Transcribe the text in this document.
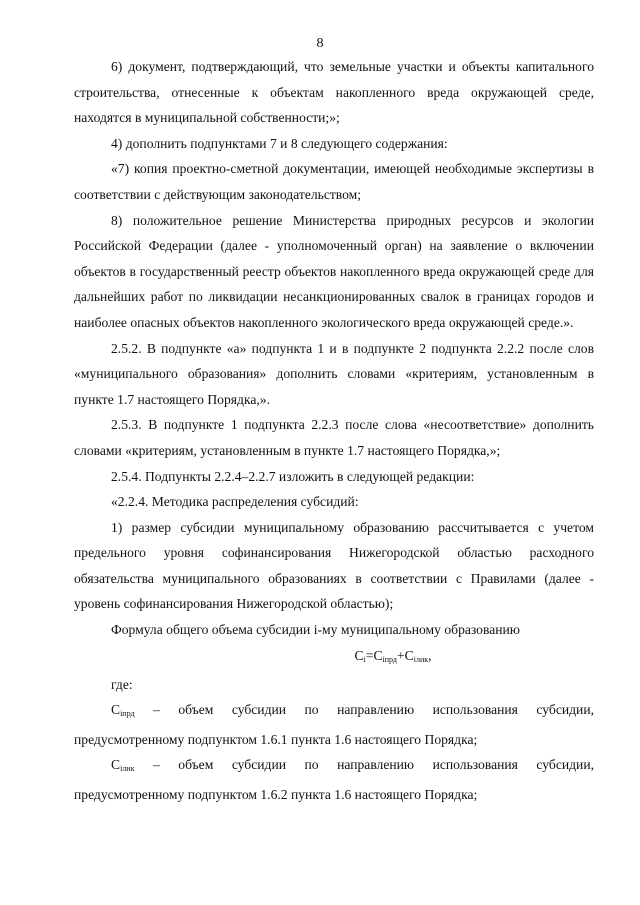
8

6) документ, подтверждающий, что земельные участки и объекты капитального строительства, отнесенные к объектам накопленного вреда окружающей среде, находятся в муниципальной собственности;»;

4) дополнить подпунктами 7 и 8 следующего содержания:

«7) копия проектно-сметной документации, имеющей необходимые экспертизы в соответствии с действующим законодательством;

8) положительное решение Министерства природных ресурсов и экологии Российской Федерации (далее - уполномоченный орган) на заявление о включении объектов в государственный реестр объектов накопленного вреда окружающей среде для дальнейших работ по ликвидации несанкционированных свалок в границах городов и наиболее опасных объектов накопленного экологического вреда окружающей среде.».

2.5.2. В подпункте «а» подпункта 1 и в подпункте 2 подпункта 2.2.2 после слов «муниципального образования» дополнить словами «критериям, установленным в пункте 1.7 настоящего Порядка,».

2.5.3. В подпункте 1 подпункта 2.2.3 после слова «несоответствие» дополнить словами «критериям, установленным в пункте 1.7 настоящего Порядка,»;

2.5.4. Подпункты 2.2.4–2.2.7 изложить в следующей редакции:

«2.2.4. Методика распределения субсидий:

1) размер субсидии муниципальному образованию рассчитывается с учетом предельного уровня софинансирования Нижегородской областью расходного обязательства муниципального образованиях в соответствии с Правилами (далее - уровень софинансирования Нижегородской областью);

Формула общего объема субсидии i-му муниципальному образованию

$C_i=C_{iпрд}+C_{iлик}$,

где:

$C_{iпрд}$ – объем субсидии по направлению использования субсидии, предусмотренному подпунктом 1.6.1 пункта 1.6 настоящего Порядка;

$C_{iлик}$ – объем субсидии по направлению использования субсидии, предусмотренному подпунктом 1.6.2 пункта 1.6 настоящего Порядка;
